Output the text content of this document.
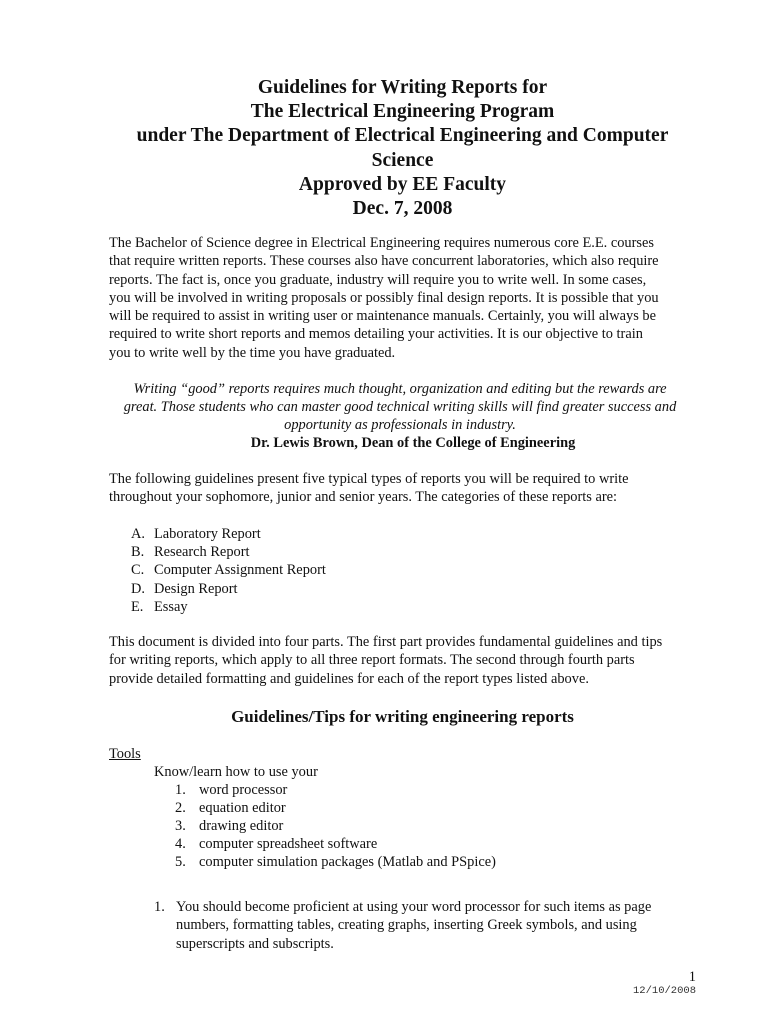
Guidelines for Writing Reports for
The Electrical Engineering Program
under The Department of Electrical Engineering and Computer
Science
Approved by EE Faculty
Dec. 7, 2008

The Bachelor of Science degree in Electrical Engineering requires numerous core E.E. courses
that require written reports. These courses also have concurrent laboratories, which also require
reports. The fact is, once you graduate, industry will require you to write well. In some cases,
you will be involved in writing proposals or possibly final design reports. It is possible that you
will be required to assist in writing user or maintenance manuals. Certainly, you will always be
required to write short reports and memos detailing your activities. It is our objective to train
you to write well by the time you have graduated.

Writing “good” reports requires much thought, organization and editing but the rewards are
great. Those students who can master good technical writing skills will find greater success and
opportunity as professionals in industry.
Dr. Lewis Brown, Dean of the College of Engineering

The following guidelines present five typical types of reports you will be required to write
throughout your sophomore, junior and senior years. The categories of these reports are:

A. Laboratory Report
B. Research Report
C. Computer Assignment Report
D. Design Report
E. Essay

This document is divided into four parts. The first part provides fundamental guidelines and tips
for writing reports, which apply to all three report formats. The second through fourth parts
provide detailed formatting and guidelines for each of the report types listed above.

Guidelines/Tips for writing engineering reports
Tools
Know/learn how to use your
1. word processor
2. equation editor
3. drawing editor
4. computer spreadsheet software
5. computer simulation packages (Matlab and PSpice)
1. You should become proficient at using your word processor for such items as page
numbers, formatting tables, creating graphs, inserting Greek symbols, and using
superscripts and subscripts.
1
12/10/2008
